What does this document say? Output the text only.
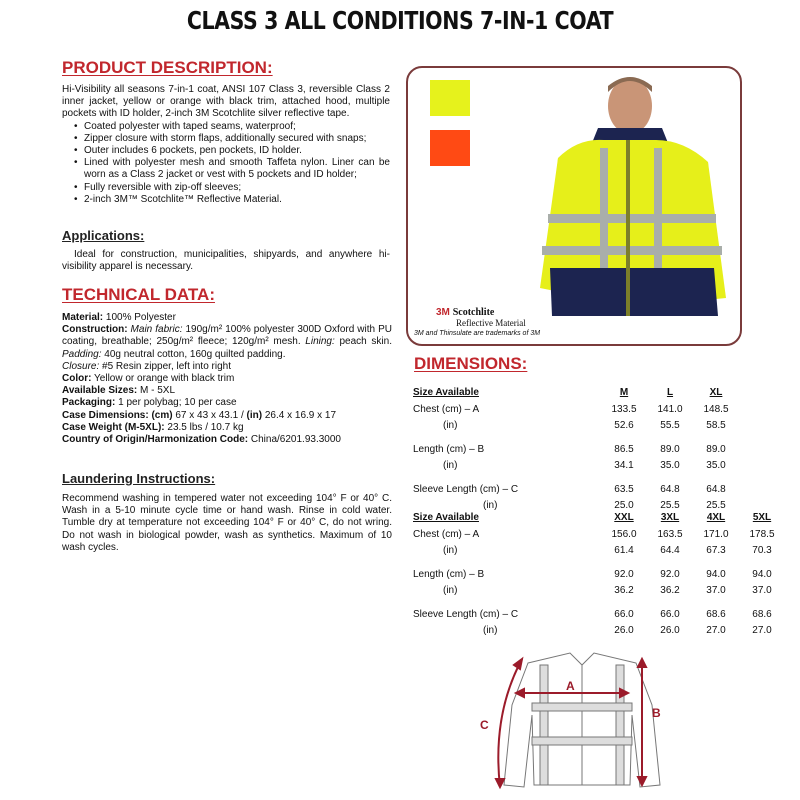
CLASS 3 ALL CONDITIONS 7-IN-1 COAT
PRODUCT DESCRIPTION:
Hi-Visibility all seasons 7-in-1 coat, ANSI 107 Class 3, reversible Class 2 inner jacket, yellow or orange with black trim, attached hood, multiple pockets with ID holder, 2-inch 3M Scotchlite silver reflective tape.
• Coated polyester with taped seams, waterproof;
• Zipper closure with storm flaps, additionally secured with snaps;
• Outer includes 6 pockets, pen pockets, ID holder.
• Lined with polyester mesh and smooth Taffeta nylon. Liner can be worn as a Class 2 jacket or vest with 5 pockets and ID holder;
• Fully reversible with zip-off sleeves;
• 2-inch 3M™ Scotchlite™ Reflective Material.
Applications:
Ideal for construction, municipalities, shipyards, and anywhere hi-visibility apparel is necessary.
TECHNICAL DATA:
Material: 100% Polyester
Construction: Main fabric: 190g/m² 100% polyester 300D Oxford with PU coating, breathable; 250g/m² fleece; 120g/m² mesh. Lining: peach skin. Padding: 40g neutral cotton, 160g quilted padding.
Closure: #5 Resin zipper, left into right
Color: Yellow or orange with black trim
Available Sizes: M - 5XL
Packaging: 1 per polybag; 10 per case
Case Dimensions: (cm) 67 x 43 x 43.1 / (in) 26.4 x 16.9 x 17
Case Weight (M-5XL): 23.5 lbs / 10.7 kg
Country of Origin/Harmonization Code: China/6201.93.3000
Laundering Instructions:
Recommend washing in tempered water not exceeding 104° F or 40° C. Wash in a 5-10 minute cycle time or hand wash. Rinse in cold water. Tumble dry at temperature not exceeding 104° F or 40° C, do not wring. Do not wash in biological powder, wash as synthetics. Maximum of 10 wash cycles.
3M Scotchlite
Reflective Material
3M and Thinsulate are trademarks of 3M
DIMENSIONS:
Size Available	M	L	XL
Chest (cm) – A	133.5	141.0	148.5
(in)	52.6	55.5	58.5

Length (cm) – B	86.5	89.0	89.0
(in)	34.1	35.0	35.0

Sleeve Length (cm) – C	63.5	64.8	64.8
(in)	25.0	25.5	25.5
Size Available	XXL	3XL	4XL	5XL
Chest (cm) – A	156.0	163.5	171.0	178.5
(in)	61.4	64.4	67.3	70.3

Length (cm) – B	92.0	92.0	94.0	94.0
(in)	36.2	36.2	37.0	37.0

Sleeve Length (cm) – C	66.0	66.0	68.6	68.6
(in)	26.0	26.0	27.0	27.0
A
B
C
